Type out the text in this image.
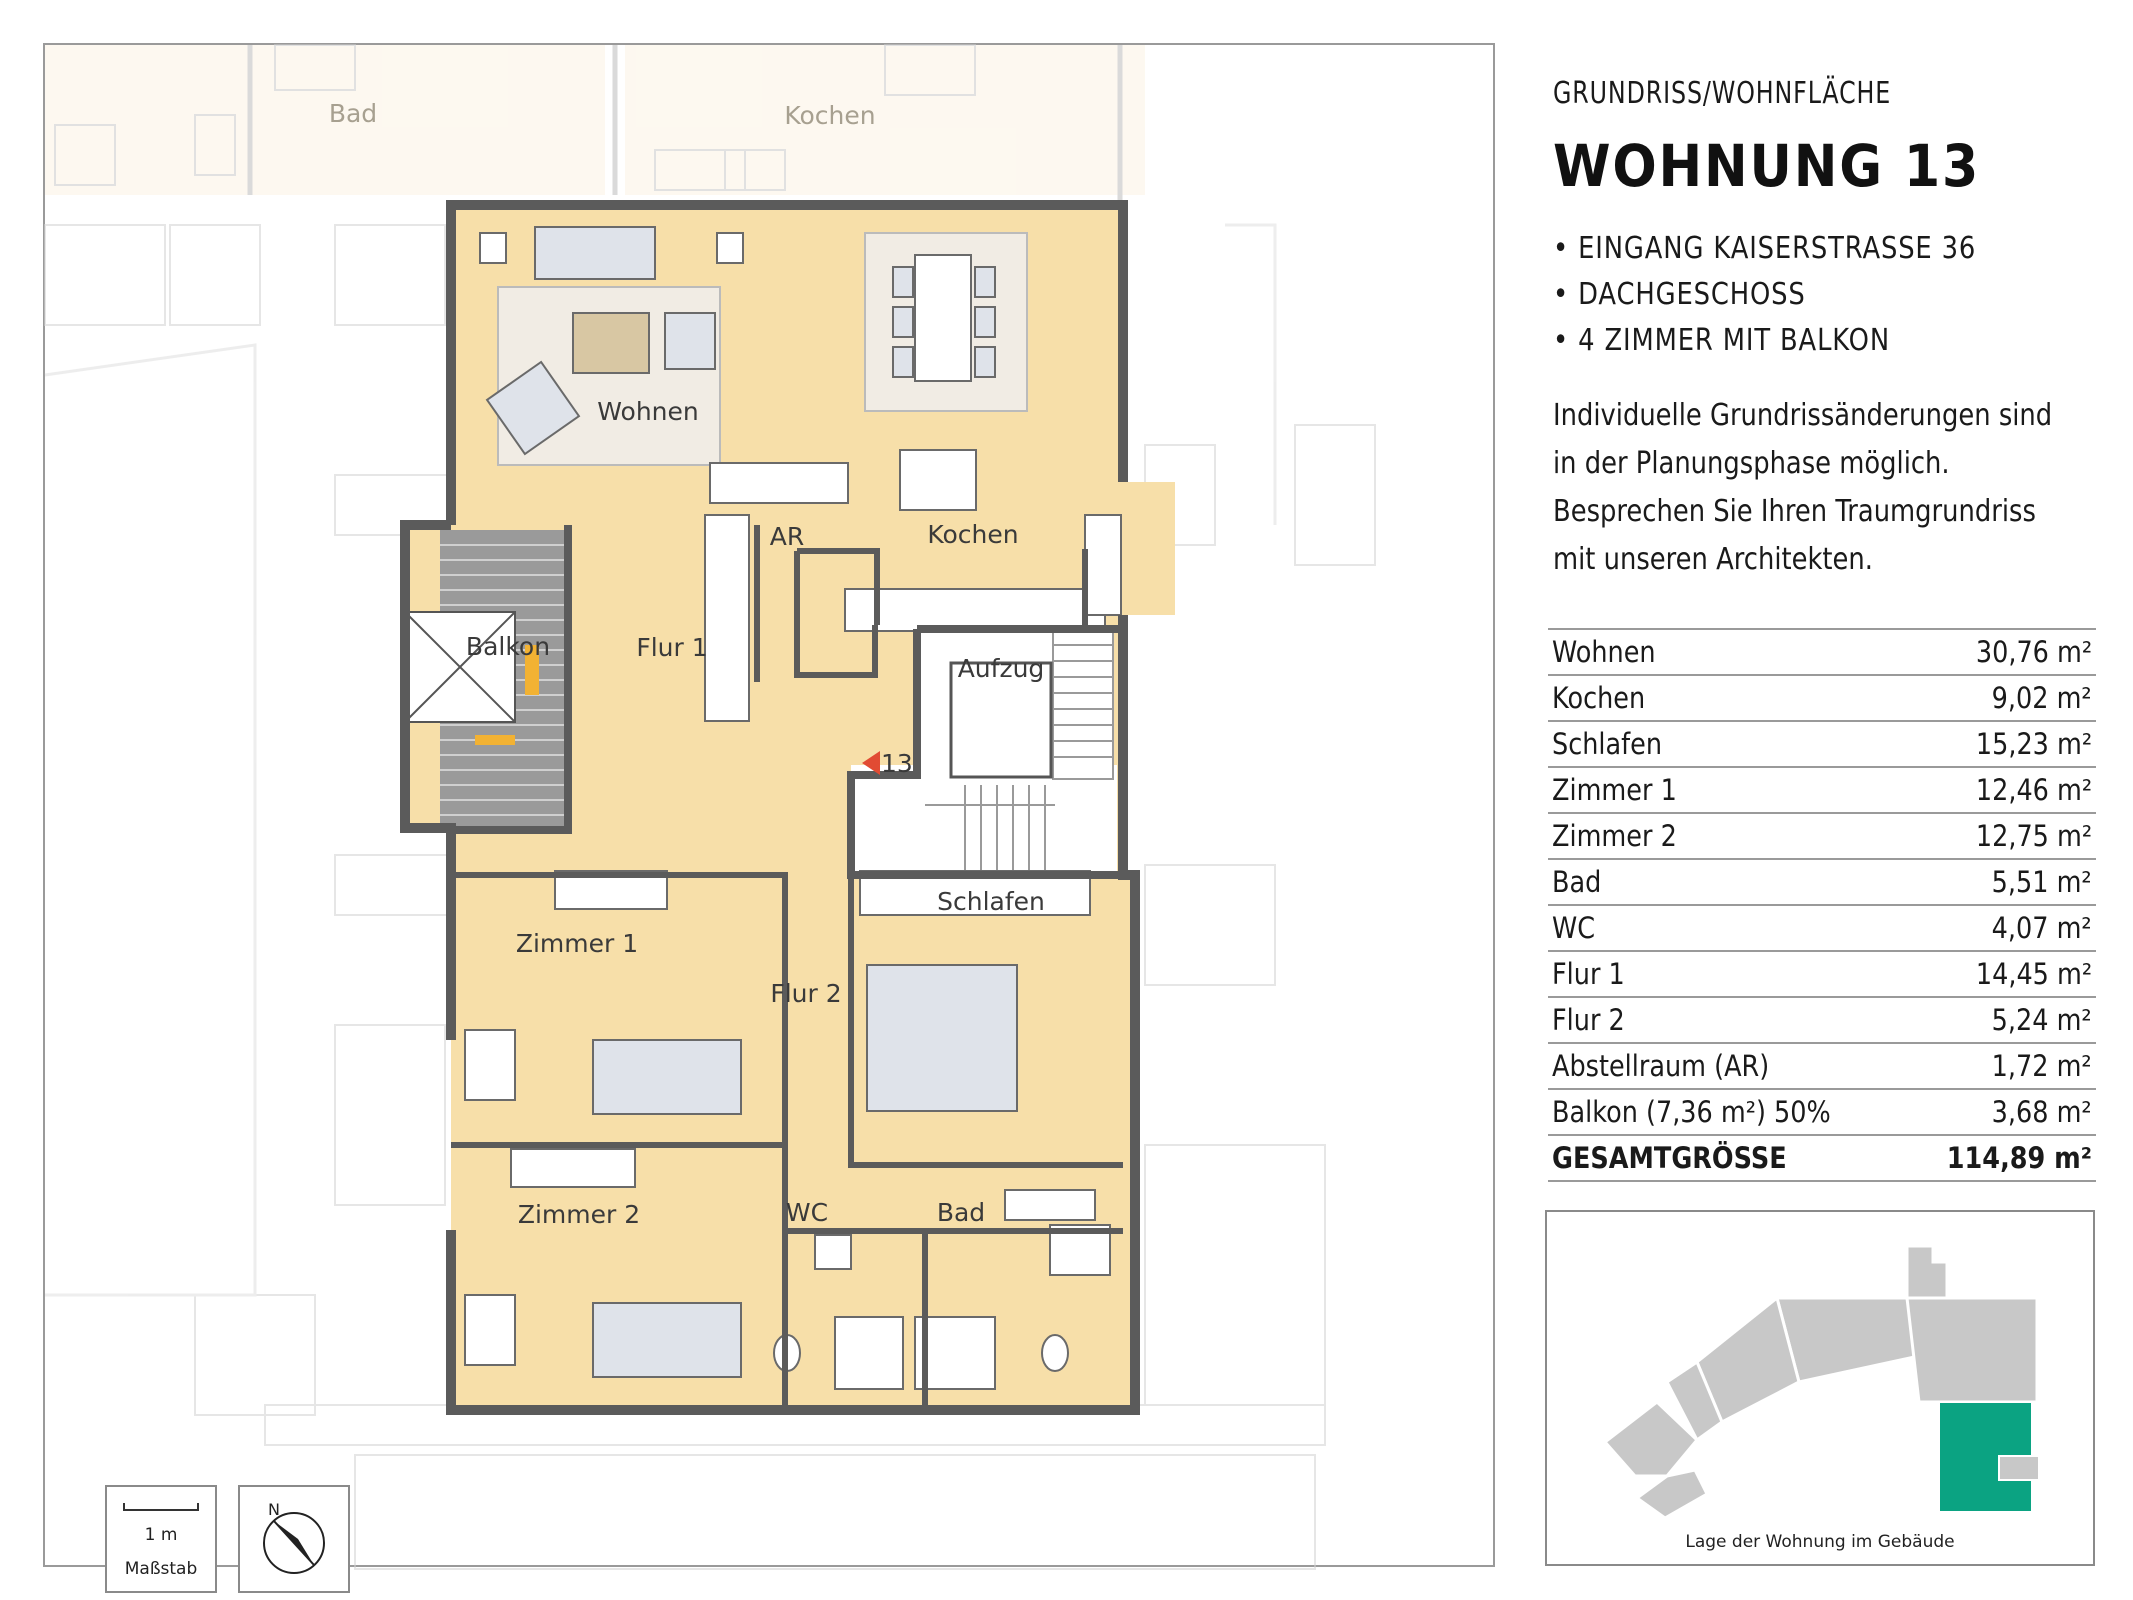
Bad	Kochen
Wohnen
Kochen
AR
Flur 1
Balkon
Aufzug
13
Zimmer 1
Flur 2
Schlafen
Zimmer 2	WC	Bad
1 m
Maßstab
N
GRUNDRISS/WOHNFLÄCHE
WOHNUNG 13
• EINGANG KAISERSTRASSE 36
• DACHGESCHOSS
• 4 ZIMMER MIT BALKON
Individuelle Grundrissänderungen sind in der Planungsphase möglich. Besprechen Sie Ihren Traumgrundriss mit unseren Architekten.
Wohnen	30,76 m²
Kochen	9,02 m²
Schlafen	15,23 m²
Zimmer 1	12,46 m²
Zimmer 2	12,75 m²
Bad	5,51 m²
WC	4,07 m²
Flur 1	14,45 m²
Flur 2	5,24 m²
Abstellraum (AR)	1,72 m²
Balkon (7,36 m²) 50%	3,68 m²
GESAMTGRÖSSE	114,89 m²
Lage der Wohnung im Gebäude
